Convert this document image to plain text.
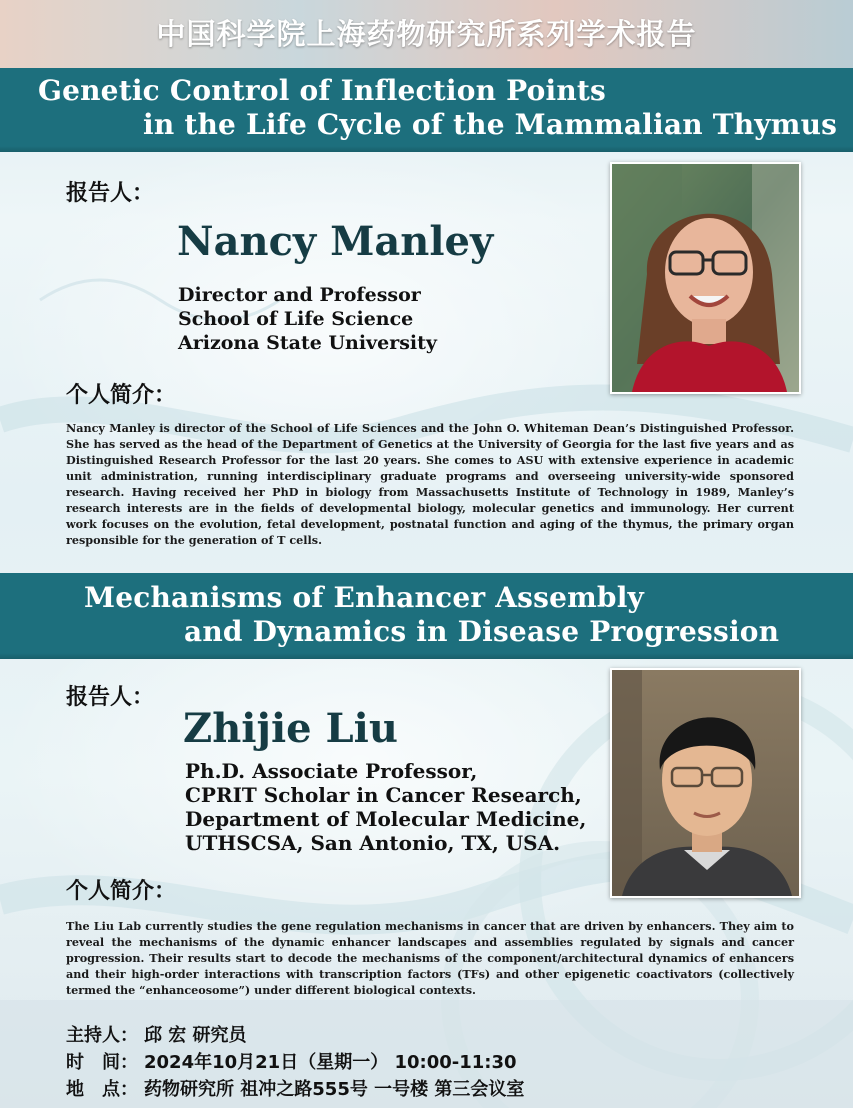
中国科学院上海药物研究所系列学术报告
Genetic Control of Inflection Points
in the Life Cycle of the Mammalian Thymus
报告人：
Nancy Manley
Director and Professor
School of Life Science
Arizona State University
个人简介：
Nancy Manley is director of the School of Life Sciences and the John O. Whiteman Dean’s Distinguished Professor. She has served as the head of the Department of Genetics at the University of Georgia for the last five years and as Distinguished Research Professor for the last 20 years. She comes to ASU with extensive experience in academic unit administration, running interdisciplinary graduate programs and overseeing university-wide sponsored research. Having received her PhD in biology from Massachusetts Institute of Technology in 1989, Manley’s research interests are in the fields of developmental biology, molecular genetics and immunology. Her current work focuses on the evolution, fetal development, postnatal function and aging of the thymus, the primary organ responsible for the generation of T cells.
Mechanisms of Enhancer Assembly
and Dynamics in Disease Progression
报告人：
Zhijie Liu
Ph.D. Associate Professor,
CPRIT Scholar in Cancer Research,
Department of Molecular Medicine,
UTHSCSA, San Antonio, TX, USA.
个人简介：
The Liu Lab currently studies the gene regulation mechanisms in cancer that are driven by enhancers. They aim to reveal the mechanisms of the dynamic enhancer landscapes and assemblies regulated by signals and cancer progression. Their results start to decode the mechanisms of the component/architectural dynamics of enhancers and their high-order interactions with transcription factors (TFs) and other epigenetic coactivators (collectively termed the “enhanceosome”) under different biological contexts.
主持人： 邱 宏 研究员
时　间： 2024年10月21日（星期一） 10:00-11:30
地　点： 药物研究所 祖冲之路555号 一号楼 第三会议室
